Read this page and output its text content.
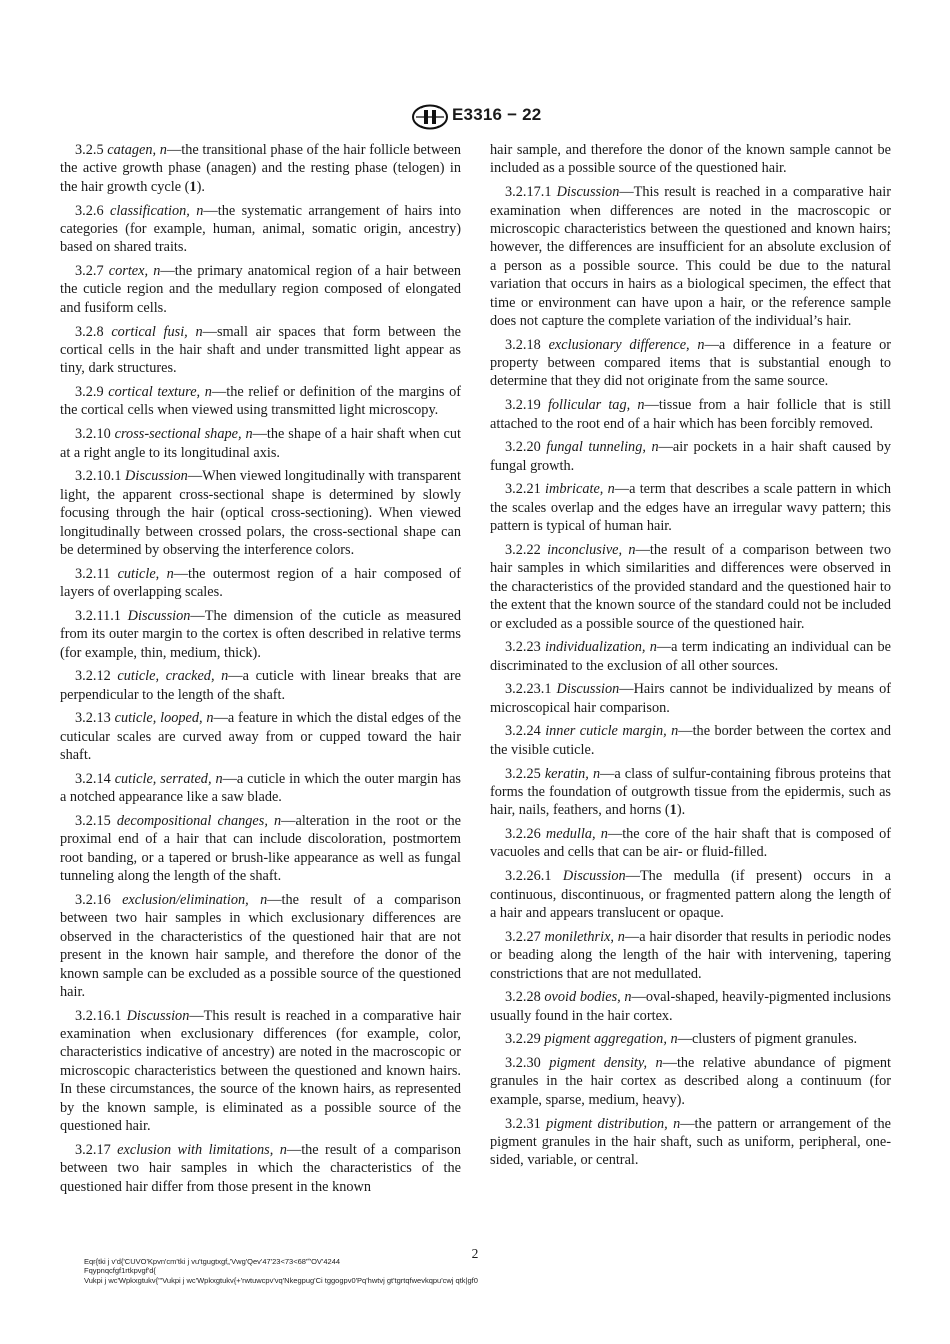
E3316 − 22

3.2.5 catagen, n—the transitional phase of the hair follicle between the active growth phase (anagen) and the resting phase (telogen) in the hair growth cycle (1).

3.2.6 classification, n—the systematic arrangement of hairs into categories (for example, human, animal, somatic origin, ancestry) based on shared traits.

3.2.7 cortex, n—the primary anatomical region of a hair between the cuticle region and the medullary region composed of elongated and fusiform cells.

3.2.8 cortical fusi, n—small air spaces that form between the cortical cells in the hair shaft and under transmitted light appear as tiny, dark structures.

3.2.9 cortical texture, n—the relief or definition of the margins of the cortical cells when viewed using transmitted light microscopy.

3.2.10 cross-sectional shape, n—the shape of a hair shaft when cut at a right angle to its longitudinal axis.

3.2.10.1 Discussion—When viewed longitudinally with transparent light, the apparent cross-sectional shape is determined by slowly focusing through the hair (optical cross-sectioning). When viewed longitudinally between crossed polars, the cross-sectional shape can be determined by observing the interference colors.

3.2.11 cuticle, n—the outermost region of a hair composed of layers of overlapping scales.

3.2.11.1 Discussion—The dimension of the cuticle as measured from its outer margin to the cortex is often described in relative terms (for example, thin, medium, thick).

3.2.12 cuticle, cracked, n—a cuticle with linear breaks that are perpendicular to the length of the shaft.

3.2.13 cuticle, looped, n—a feature in which the distal edges of the cuticular scales are curved away from or cupped toward the hair shaft.

3.2.14 cuticle, serrated, n—a cuticle in which the outer margin has a notched appearance like a saw blade.

3.2.15 decompositional changes, n—alteration in the root or the proximal end of a hair that can include discoloration, postmortem root banding, or a tapered or brush-like appearance as well as fungal tunneling along the length of the shaft.

3.2.16 exclusion/elimination, n—the result of a comparison between two hair samples in which exclusionary differences are observed in the characteristics of the questioned hair that are not present in the known hair sample, and therefore the donor of the known sample can be excluded as a possible source of the questioned hair.

3.2.16.1 Discussion—This result is reached in a comparative hair examination when exclusionary differences (for example, color, characteristics indicative of ancestry) are noted in the macroscopic or microscopic characteristics between the questioned and known hairs. In these circumstances, the source of the known hairs, as represented by the known sample, is eliminated as a possible source of the questioned hair.

3.2.17 exclusion with limitations, n—the result of a comparison between two hair samples in which the characteristics of the questioned hair differ from those present in the known

hair sample, and therefore the donor of the known sample cannot be included as a possible source of the questioned hair.

3.2.17.1 Discussion—This result is reached in a comparative hair examination when differences are noted in the macroscopic or microscopic characteristics between the questioned and known hairs; however, the differences are insufficient for an absolute exclusion of a person as a possible source. This could be due to the natural variation that occurs in hairs as a biological specimen, the effect that time or environment can have upon a hair, or the reference sample does not capture the complete variation of the individual’s hair.

3.2.18 exclusionary difference, n—a difference in a feature or property between compared items that is substantial enough to determine that they did not originate from the same source.

3.2.19 follicular tag, n—tissue from a hair follicle that is still attached to the root end of a hair which has been forcibly removed.

3.2.20 fungal tunneling, n—air pockets in a hair shaft caused by fungal growth.

3.2.21 imbricate, n—a term that describes a scale pattern in which the scales overlap and the edges have an irregular wavy pattern; this pattern is typical of human hair.

3.2.22 inconclusive, n—the result of a comparison between two hair samples in which similarities and differences were observed in the characteristics of the provided standard and the questioned hair to the extent that the known source of the standard could not be included or excluded as a possible source of the questioned hair.

3.2.23 individualization, n—a term indicating an individual can be discriminated to the exclusion of all other sources.

3.2.23.1 Discussion—Hairs cannot be individualized by means of microscopical hair comparison.

3.2.24 inner cuticle margin, n—the border between the cortex and the visible cuticle.

3.2.25 keratin, n—a class of sulfur-containing fibrous proteins that forms the foundation of outgrowth tissue from the epidermis, such as hair, nails, feathers, and horns (1).

3.2.26 medulla, n—the core of the hair shaft that is composed of vacuoles and cells that can be air- or fluid-filled.

3.2.26.1 Discussion—The medulla (if present) occurs in a continuous, discontinuous, or fragmented pattern along the length of a hair and appears translucent or opaque.

3.2.27 monilethrix, n—a hair disorder that results in periodic nodes or beading along the length of the hair with intervening, tapering constrictions that are not medullated.

3.2.28 ovoid bodies, n—oval-shaped, heavily-pigmented inclusions usually found in the hair cortex.

3.2.29 pigment aggregation, n—clusters of pigment granules.

3.2.30 pigment density, n—the relative abundance of pigment granules in the hair cortex as described along a continuum (for example, sparse, medium, heavy).

3.2.31 pigment distribution, n—the pattern or arrangement of the pigment granules in the hair shaft, such as uniform, peripheral, one-sided, variable, or central.

2
Eqr{tki j v'd{'CUVO'Kpvn'cm'tki j vu'tgugtxgf„'Vwg'Qev'47'23<73<68''OV'4244
Fqypnqcfgf1rtkpvgf'd{
Vukpi j wc'Wpkxgtukv{'"Vukpi j wc'Wpkxgtukv{+'rwtuwcpv'vq'Nkegpug'Ci tggogpv0'Pq'hwtvj gt'tgrtqfwevkqpu'cwj qtk|gf0
